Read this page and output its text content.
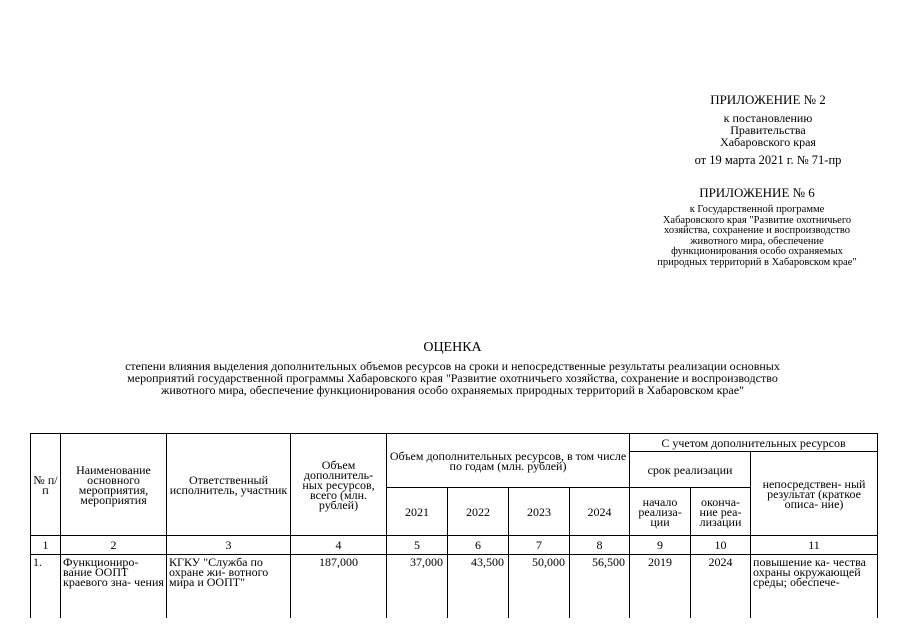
ПРИЛОЖЕНИЕ № 2
к постановлению
Правительства
Хабаровского края
от 19 марта 2021 г. № 71-пр
ПРИЛОЖЕНИЕ № 6
к Государственной программе
Хабаровского края "Развитие охотничьего
хозяйства, сохранение и воспроизводство
животного мира, обеспечение
функционирования особо охраняемых
природных территорий в Хабаровском крае"
ОЦЕНКА
степени влияния выделения дополнительных объемов ресурсов на сроки и непосредственные результаты реализации основных
мероприятий государственной программы Хабаровского края "Развитие охотничьего хозяйства, сохранение и воспроизводство
животного мира, обеспечение функционирования особо охраняемых природных территорий в Хабаровском крае"
№ п/п	Наименование основного мероприятия, мероприятия	Ответственный исполнитель, участник	Объем дополнитель- ных ресурсов, всего (млн. рублей)	Объем дополнительных ресурсов, в том числе по годам (млн. рублей)				С учетом дополнительных ресурсов		
								срок реализации		непосредствен- ный результат (краткое описа- ние)
				2021	2022	2023	2024	начало реализа- ции	оконча- ние реа- лизации	
1	2	3	4	5	6	7	8	9	10	11
1.	Функциониро- вание ООПТ краевого зна- чения	КГКУ "Служба по охране жи- вотного мира и ООПТ"	187,000	37,000	43,500	50,000	56,500	2019	2024	повышение ка- чества охраны окружающей среды; обеспече-
